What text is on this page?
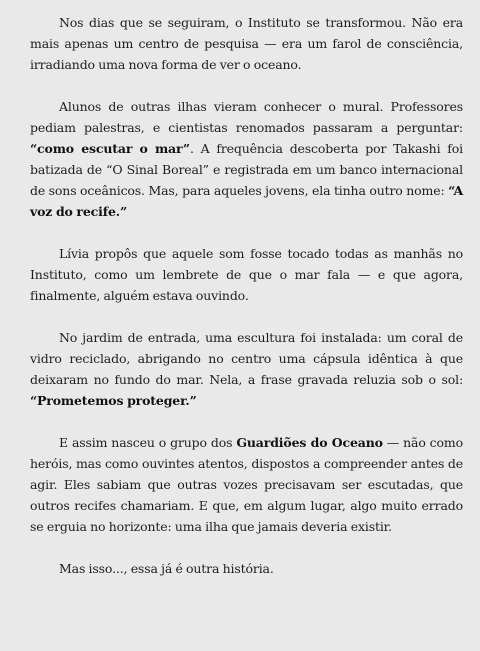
Nos dias que se seguiram, o Instituto se transformou. Não era mais apenas um centro de pesquisa — era um farol de consciência, irradiando uma nova forma de ver o oceano.

Alunos de outras ilhas vieram conhecer o mural. Professores pediam palestras, e cientistas renomados passaram a perguntar: “como escutar o mar”. A frequência descoberta por Takashi foi batizada de “O Sinal Boreal” e registrada em um banco internacional de sons oceânicos. Mas, para aqueles jovens, ela tinha outro nome: “A voz do recife.”

Lívia propôs que aquele som fosse tocado todas as manhãs no Instituto, como um lembrete de que o mar fala — e que agora, finalmente, alguém estava ouvindo.

No jardim de entrada, uma escultura foi instalada: um coral de vidro reciclado, abrigando no centro uma cápsula idêntica à que deixaram no fundo do mar. Nela, a frase gravada reluzia sob o sol: “Prometemos proteger.”

E assim nasceu o grupo dos Guardiões do Oceano — não como heróis, mas como ouvintes atentos, dispostos a compreender antes de agir. Eles sabiam que outras vozes precisavam ser escutadas, que outros recifes chamariam. E que, em algum lugar, algo muito errado se erguia no horizonte: uma ilha que jamais deveria existir.

Mas isso..., essa já é outra história.
